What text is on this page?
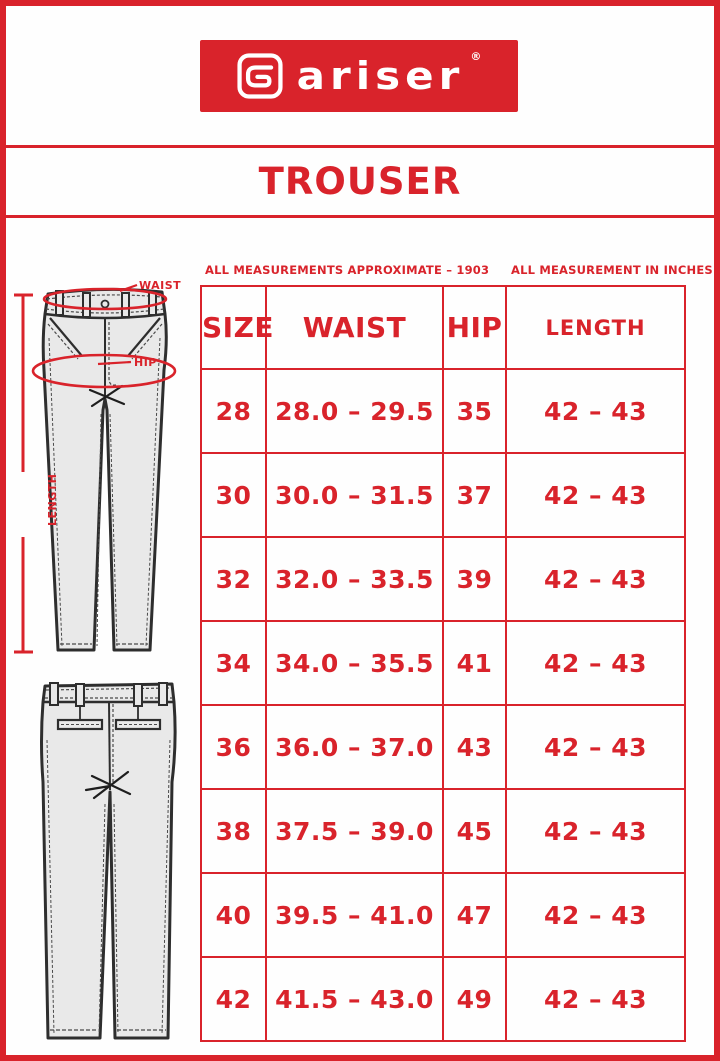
ariser ®
TROUSER
ALL MEASUREMENTS APPROXIMATE – 1903 ALL MEASUREMENT IN INCHES
WAIST
HIP
LENGTH
SIZE	WAIST	HIP	LENGTH
28	28.0 – 29.5	35	42 – 43
30	30.0 – 31.5	37	42 – 43
32	32.0 – 33.5	39	42 – 43
34	34.0 – 35.5	41	42 – 43
36	36.0 – 37.0	43	42 – 43
38	37.5 – 39.0	45	42 – 43
40	39.5 – 41.0	47	42 – 43
42	41.5 – 43.0	49	42 – 43
